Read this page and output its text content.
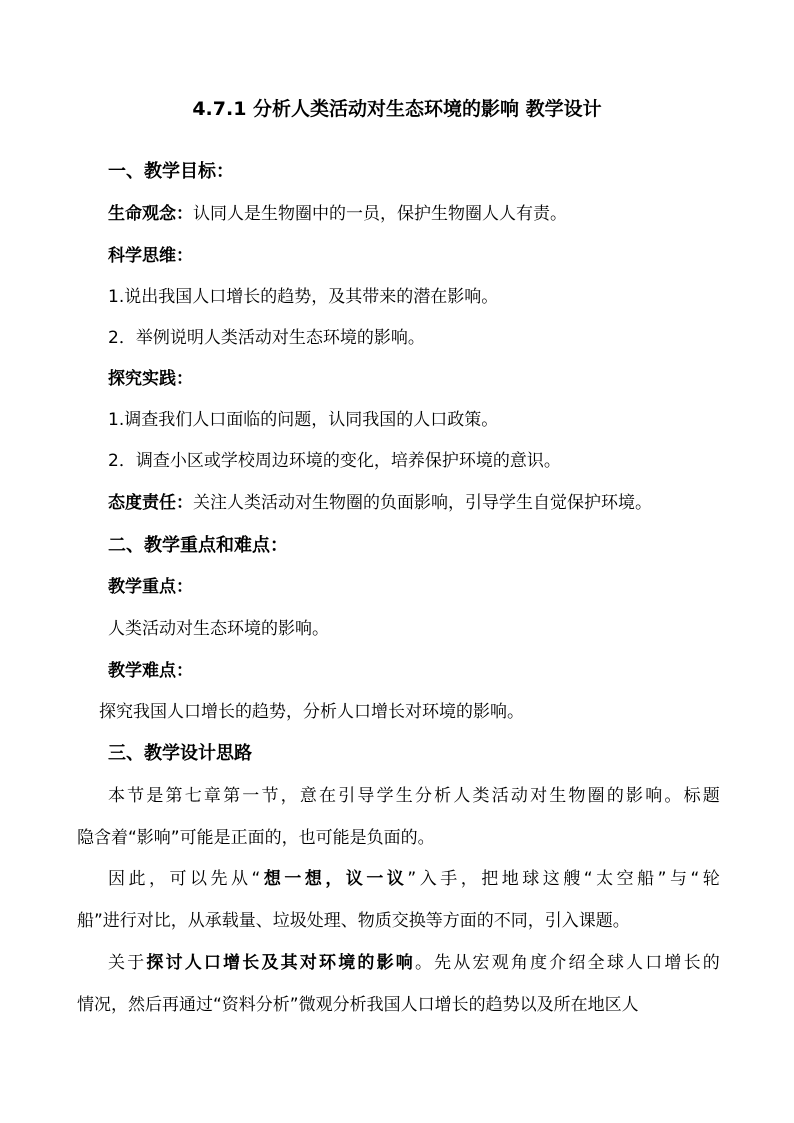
4.7.1 分析人类活动对生态环境的影响 教学设计
一、教学目标：
生命观念：认同人是生物圈中的一员，保护生物圈人人有责。
科学思维：
1.说出我国人口增长的趋势，及其带来的潜在影响。
2．举例说明人类活动对生态环境的影响。
探究实践：
1.调查我们人口面临的问题，认同我国的人口政策。
2．调查小区或学校周边环境的变化，培养保护环境的意识。
态度责任：关注人类活动对生物圈的负面影响，引导学生自觉保护环境。
二、教学重点和难点：
教学重点：
人类活动对生态环境的影响。
教学难点：
探究我国人口增长的趋势，分析人口增长对环境的影响。
三、教学设计思路
本节是第七章第一节，意在引导学生分析人类活动对生物圈的影响。标题
隐含着“影响”可能是正面的，也可能是负面的。
因此，可以先从“想一想，议一议”入手，把地球这艘“太空船”与“轮
船”进行对比，从承载量、垃圾处理、物质交换等方面的不同，引入课题。
关于探讨人口增长及其对环境的影响。先从宏观角度介绍全球人口增长的
情况，然后再通过“资料分析”微观分析我国人口增长的趋势以及所在地区人
